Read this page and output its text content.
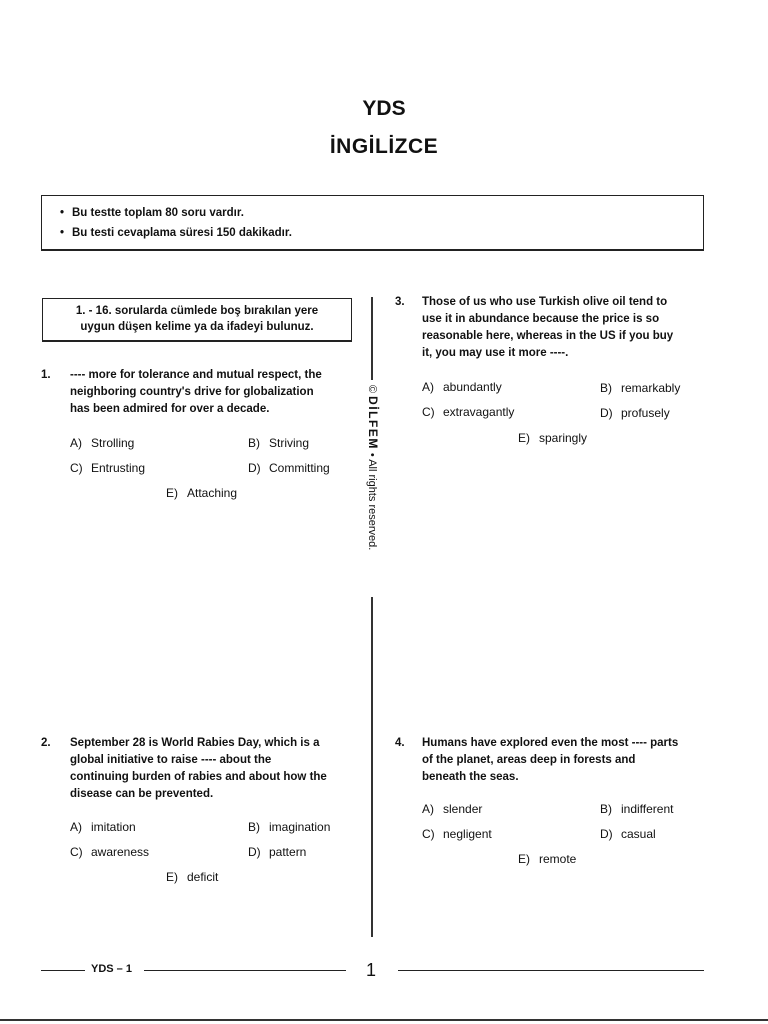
YDS
İNGİLİZCE
• Bu testte toplam 80 soru vardır.
• Bu testi cevaplama süresi 150 dakikadır.
1. - 16. sorularda cümlede boş bırakılan yere
uygun düşen kelime ya da ifadeyi bulunuz.
© DİLFEM • All rights reserved.
1. ---- more for tolerance and mutual respect, the
neighboring country's drive for globalization
has been admired for over a decade.
A) Strolling	B) Striving
C) Entrusting	D) Committing
E) Attaching
2. September 28 is World Rabies Day, which is a
global initiative to raise ---- about the
continuing burden of rabies and about how the
disease can be prevented.
A) imitation	B) imagination
C) awareness	D) pattern
E) deficit
3. Those of us who use Turkish olive oil tend to
use it in abundance because the price is so
reasonable here, whereas in the US if you buy
it, you may use it more ----.
A) abundantly	B) remarkably
C) extravagantly	D) profusely
E) sparingly
4. Humans have explored even the most ---- parts
of the planet, areas deep in forests and
beneath the seas.
A) slender	B) indifferent
C) negligent	D) casual
E) remote
YDS – 1	1
